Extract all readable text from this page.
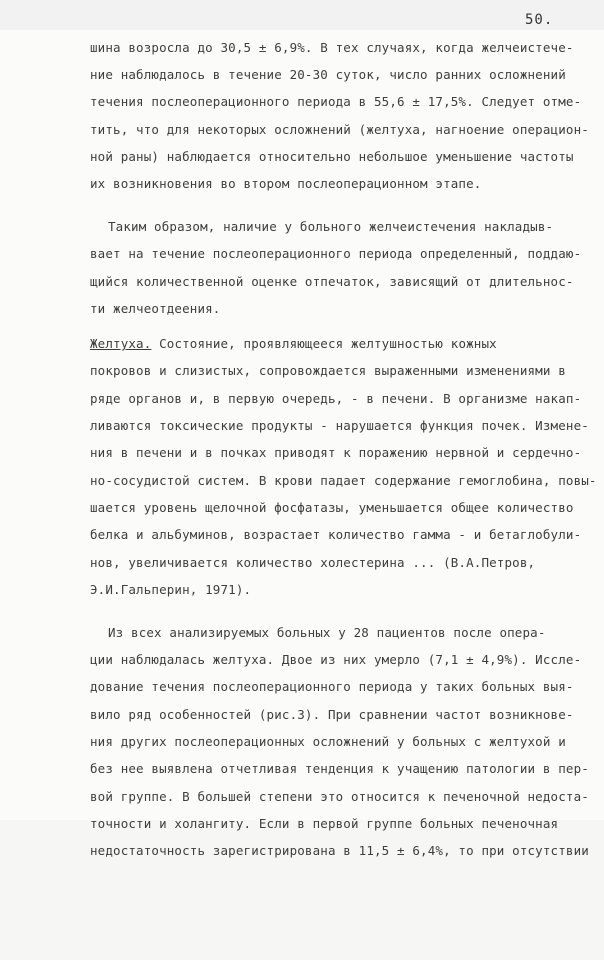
50.
шина возросла до 30,5 ± 6,9%. В тех случаях, когда желчеистече-
ние наблюдалось в течение 20-30 суток, число ранних осложнений
течения послеоперационного периода в 55,6 ± 17,5%. Следует отме-
тить, что для некоторых осложнений (желтуха, нагноение операцион-
ной раны) наблюдается относительно небольшое уменьшение частоты
их возникновения во втором послеоперационном этапе.
Таким образом, наличие у больного желчеистечения накладыв-
вает на течение послеоперационного периода определенный, поддаю-
щийся количественной оценке отпечаток, зависящий от длительнос-
ти желчеотдеения.
Желтуха. Состояние, проявляющееся желтушностью кожных
покровов и слизистых, сопровождается выраженными изменениями в
ряде органов и, в первую очередь, - в печени. В организме накап-
ливаются токсические продукты - нарушается функция почек. Измене-
ния в печени и в почках приводят к поражению нервной и сердечно-
но-сосудистой систем. В крови падает содержание гемоглобина, повы-
шается уровень щелочной фосфатазы, уменьшается общее количество
белка и альбуминов, возрастает количество гамма - и бетаглобули-
нов, увеличивается количество холестерина ... (В.А.Петров,
Э.И.Гальперин, 1971).
Из всех анализируемых больных у 28 пациентов после опера-
ции наблюдалась желтуха. Двое из них умерло (7,1 ± 4,9%). Иссле-
дование течения послеоперационного периода у таких больных выя-
вило ряд особенностей (рис.3). При сравнении частот возникнове-
ния других послеоперационных осложнений у больных с желтухой и
без нее выявлена отчетливая тенденция к учащению патологии в пер-
вой группе. В большей степени это относится к печеночной недоста-
точности и холангиту. Если в первой группе больных печеночная
недостаточность зарегистрирована в 11,5 ± 6,4%, то при отсутствии
